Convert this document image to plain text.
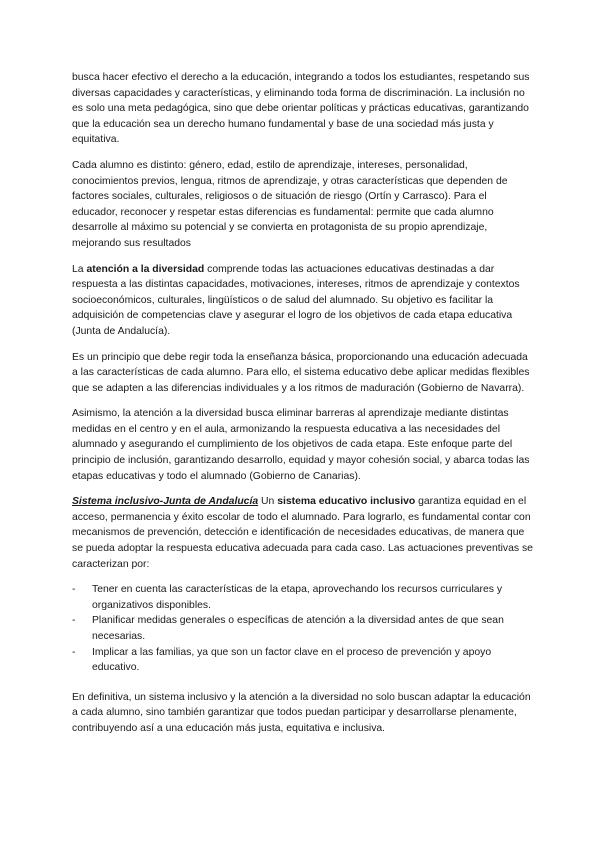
busca hacer efectivo el derecho a la educación, integrando a todos los estudiantes, respetando sus diversas capacidades y características, y eliminando toda forma de discriminación. La inclusión no es solo una meta pedagógica, sino que debe orientar políticas y prácticas educativas, garantizando que la educación sea un derecho humano fundamental y base de una sociedad más justa y equitativa.

Cada alumno es distinto: género, edad, estilo de aprendizaje, intereses, personalidad, conocimientos previos, lengua, ritmos de aprendizaje, y otras características que dependen de factores sociales, culturales, religiosos o de situación de riesgo (Ortín y Carrasco). Para el educador, reconocer y respetar estas diferencias es fundamental: permite que cada alumno desarrolle al máximo su potencial y se convierta en protagonista de su propio aprendizaje, mejorando sus resultados

La atención a la diversidad comprende todas las actuaciones educativas destinadas a dar respuesta a las distintas capacidades, motivaciones, intereses, ritmos de aprendizaje y contextos socioeconómicos, culturales, lingüísticos o de salud del alumnado. Su objetivo es facilitar la adquisición de competencias clave y asegurar el logro de los objetivos de cada etapa educativa (Junta de Andalucía).

Es un principio que debe regir toda la enseñanza básica, proporcionando una educación adecuada a las características de cada alumno. Para ello, el sistema educativo debe aplicar medidas flexibles que se adapten a las diferencias individuales y a los ritmos de maduración (Gobierno de Navarra).

Asimismo, la atención a la diversidad busca eliminar barreras al aprendizaje mediante distintas medidas en el centro y en el aula, armonizando la respuesta educativa a las necesidades del alumnado y asegurando el cumplimiento de los objetivos de cada etapa. Este enfoque parte del principio de inclusión, garantizando desarrollo, equidad y mayor cohesión social, y abarca todas las etapas educativas y todo el alumnado (Gobierno de Canarias).

Sistema inclusivo-Junta de Andalucía Un sistema educativo inclusivo garantiza equidad en el acceso, permanencia y éxito escolar de todo el alumnado. Para lograrlo, es fundamental contar con mecanismos de prevención, detección e identificación de necesidades educativas, de manera que se pueda adoptar la respuesta educativa adecuada para cada caso. Las actuaciones preventivas se caracterizan por:

- Tener en cuenta las características de la etapa, aprovechando los recursos curriculares y organizativos disponibles.
- Planificar medidas generales o específicas de atención a la diversidad antes de que sean necesarias.
- Implicar a las familias, ya que son un factor clave en el proceso de prevención y apoyo educativo.

En definitiva, un sistema inclusivo y la atención a la diversidad no solo buscan adaptar la educación a cada alumno, sino también garantizar que todos puedan participar y desarrollarse plenamente, contribuyendo así a una educación más justa, equitativa e inclusiva.
